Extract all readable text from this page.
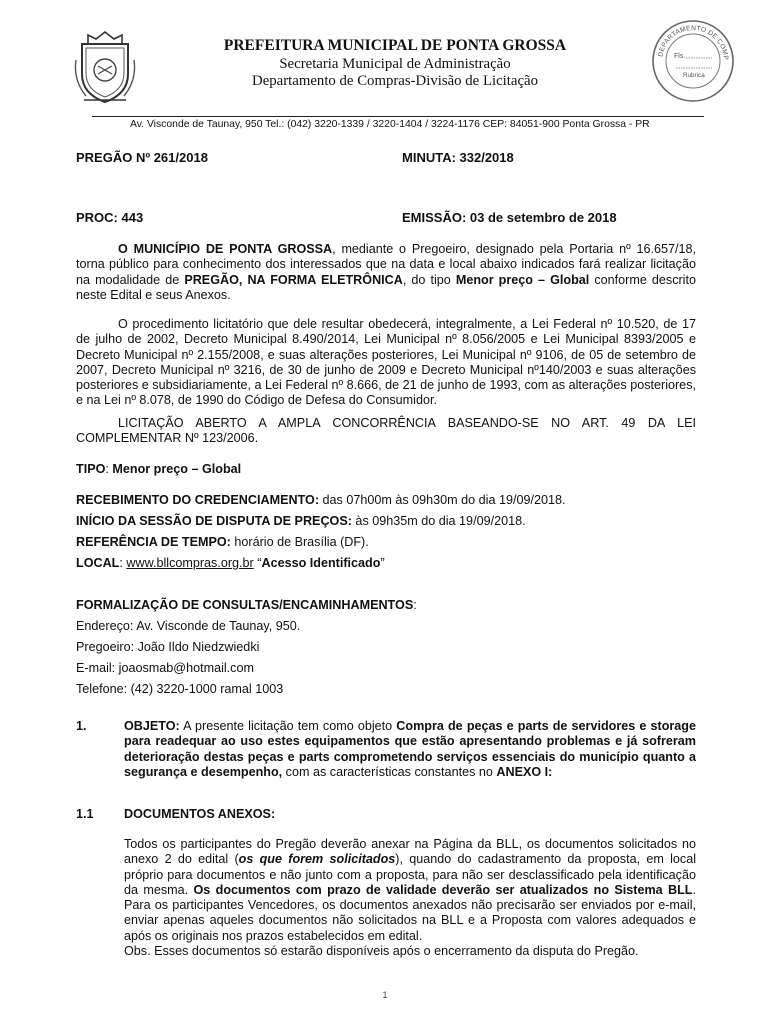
PREFEITURA MUNICIPAL DE PONTA GROSSA
Secretaria Municipal de Administração
Departamento de Compras-Divisão de Licitação
DEPARTAMENTO DE COMP
Fls.
Rubrica
Av. Visconde de Taunay, 950 Tel.: (042) 3220-1339 / 3220-1404 / 3224-1176 CEP: 84051-900 Ponta Grossa - PR
PREGÃO Nº 261/2018	MINUTA: 332/2018
PROC: 443	EMISSÃO: 03 de setembro de 2018

O MUNICÍPIO DE PONTA GROSSA, mediante o Pregoeiro, designado pela Portaria nº 16.657/18, torna público para conhecimento dos interessados que na data e local abaixo indicados fará realizar licitação na modalidade de PREGÃO, NA FORMA ELETRÔNICA, do tipo Menor preço – Global conforme descrito neste Edital e seus Anexos.

O procedimento licitatório que dele resultar obedecerá, integralmente, a Lei Federal nº 10.520, de 17 de julho de 2002, Decreto Municipal 8.490/2014, Lei Municipal nº 8.056/2005 e Lei Municipal 8393/2005 e Decreto Municipal nº 2.155/2008, e suas alterações posteriores, Lei Municipal nº 9106, de 05 de setembro de 2007, Decreto Municipal nº 3216, de 30 de junho de 2009 e Decreto Municipal nº140/2003 e suas alterações posteriores e subsidiariamente, a Lei Federal nº 8.666, de 21 de junho de 1993, com as alterações posteriores, e na Lei nº 8.078, de 1990 do Código de Defesa do Consumidor.

LICITAÇÃO ABERTO A AMPLA CONCORRÊNCIA BASEANDO-SE NO ART. 49 DA LEI COMPLEMENTAR Nº 123/2006.

TIPO: Menor preço – Global
RECEBIMENTO DO CREDENCIAMENTO: das 07h00m às 09h30m do dia 19/09/2018.
INÍCIO DA SESSÃO DE DISPUTA DE PREÇOS: às 09h35m do dia 19/09/2018.
REFERÊNCIA DE TEMPO: horário de Brasília (DF).
LOCAL: www.bllcompras.org.br “Acesso Identificado”
FORMALIZAÇÃO DE CONSULTAS/ENCAMINHAMENTOS:
Endereço: Av. Visconde de Taunay, 950.
Pregoeiro: João Ildo Niedzwiedki
E-mail: joaosmab@hotmail.com
Telefone: (42) 3220-1000 ramal 1003
1.	OBJETO: A presente licitação tem como objeto Compra de peças e parts de servidores e storage para readequar ao uso estes equipamentos que estão apresentando problemas e já sofreram deterioração destas peças e parts comprometendo serviços essenciais do município quanto a segurança e desempenho, com as características constantes no ANEXO I:

1.1 DOCUMENTOS ANEXOS:

Todos os participantes do Pregão deverão anexar na Página da BLL, os documentos solicitados no anexo 2 do edital (os que forem solicitados), quando do cadastramento da proposta, em local próprio para documentos e não junto com a proposta, para não ser desclassificado pela identificação da mesma. Os documentos com prazo de validade deverão ser atualizados no Sistema BLL. Para os participantes Vencedores, os documentos anexados não precisarão ser enviados por e-mail, enviar apenas aqueles documentos não solicitados na BLL e a Proposta com valores adequados e após os originais nos prazos estabelecidos em edital.
Obs. Esses documentos só estarão disponíveis após o encerramento da disputa do Pregão.

1
